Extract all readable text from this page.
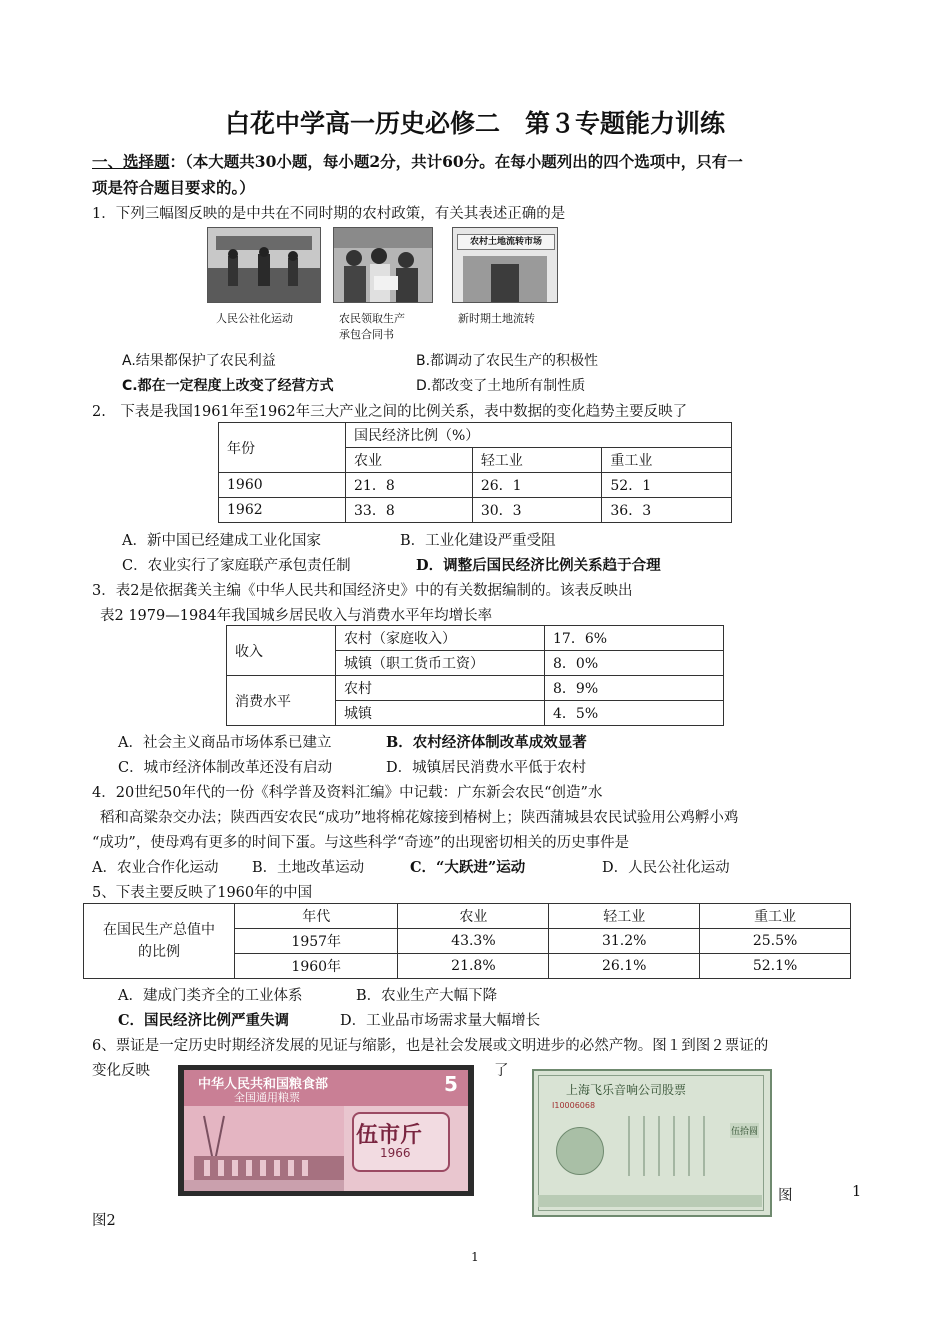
白花中学高一历史必修二　第３专题能力训练
一、选择题：（本大题共30小题，每小题2分，共计60分。在每小题列出的四个选项中，只有一
项是符合题目要求的。）
1．下列三幅图反映的是中共在不同时期的农村政策，有关其表述正确的是
人民公社化运动	农民领取生产
承包合同书
农村土地流转市场
新时期土地流转
A.结果都保护了农民利益	B.都调动了农民生产的积极性
C.都在一定程度上改变了经营方式	D.都改变了土地所有制性质
2.　下表是我国1961年至1962年三大产业之间的比例关系，表中数据的变化趋势主要反映了
年份	国民经济比例（%）		
	农业	轻工业	重工业
1960	21．8	26．1	52．1
1962	33．8	30．3	36．3
A．新中国已经建成工业化国家	B．工业化建设严重受阻
C．农业实行了家庭联产承包责任制	D．调整后国民经济比例关系趋于合理
3．表2是依据龚关主编《中华人民共和国经济史》中的有关数据编制的。该表反映出
表2 1979—1984年我国城乡居民收入与消费水平年均增长率
收入	农村（家庭收入）	17．6%
	城镇（职工货币工资）	8．0%
消费水平	农村	8．9%
	城镇	4．5%
A．社会主义商品市场体系已建立	B．农村经济体制改革成效显著
C．城市经济体制改革还没有启动	D．城镇居民消费水平低于农村
4．20世纪50年代的一份《科学普及资料汇编》中记载：广东新会农民“创造”水
稻和高粱杂交办法；陕西西安农民“成功”地将棉花嫁接到椿树上；陕西蒲城县农民试验用公鸡孵小鸡
“成功”，使母鸡有更多的时间下蛋。与这些科学“奇迹”的出现密切相关的历史事件是
A．农业合作化运动 B．土地改革运动	C．“大跃进”运动	D．人民公社化运动
5、下表主要反映了1960年的中国
在国民生产总值中
的比例	年代	农业	轻工业	重工业
	1957年	43.3%	31.2%	25.5%
	1960年	21.8%	26.1%	52.1%
A．建成门类齐全的工业体系	B．农业生产大幅下降
C．国民经济比例严重失调	D．工业品市场需求量大幅增长
6、票证是一定历史时期经济发展的见证与缩影，也是社会发展或文明进步的必然产物。图１到图２票证的
变化反映	了
中华人民共和国粮食部
全国通用粮票
5
伍市斤
1966
上海飞乐音响公司股票
I10006068
伍拾圆
图	1
图2
1
